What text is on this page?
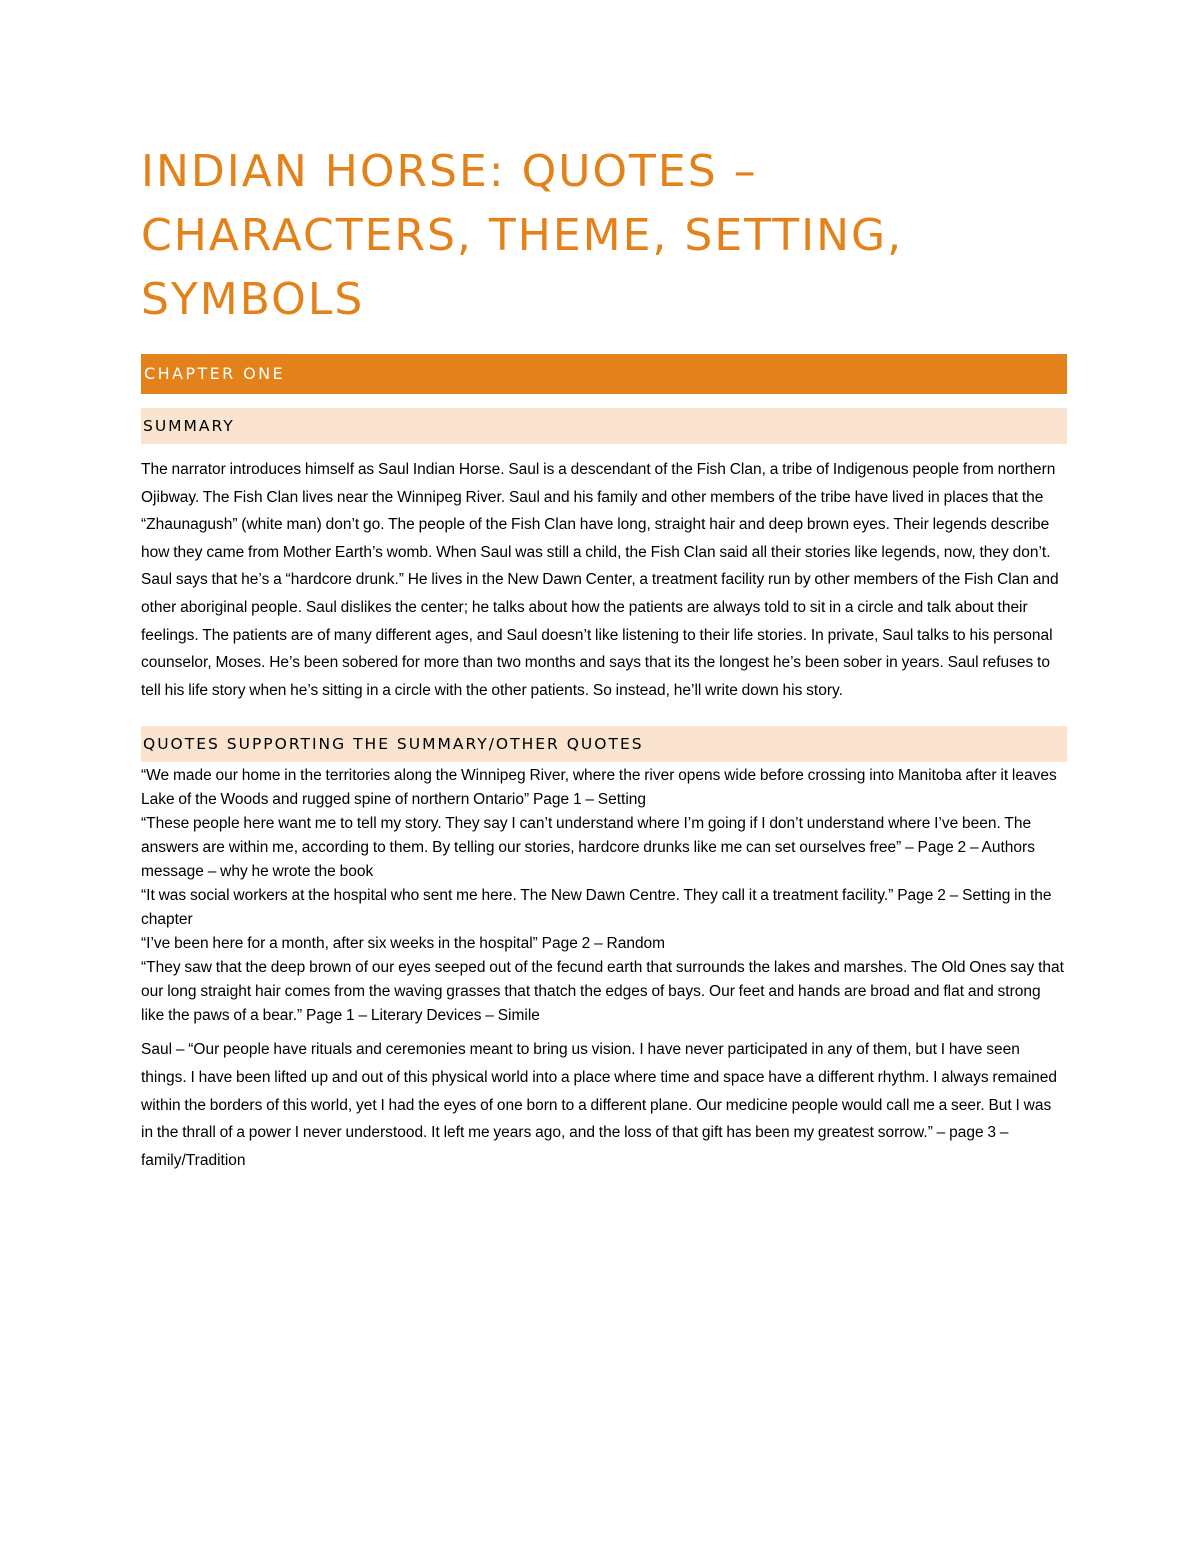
INDIAN HORSE: QUOTES – CHARACTERS, THEME, SETTING, SYMBOLS
CHAPTER ONE
SUMMARY

The narrator introduces himself as Saul Indian Horse. Saul is a descendant of the Fish Clan, a tribe of Indigenous people from northern Ojibway. The Fish Clan lives near the Winnipeg River. Saul and his family and other members of the tribe have lived in places that the “Zhaunagush” (white man) don’t go. The people of the Fish Clan have long, straight hair and deep brown eyes. Their legends describe how they came from Mother Earth’s womb. When Saul was still a child, the Fish Clan said all their stories like legends, now, they don’t. Saul says that he’s a “hardcore drunk.” He lives in the New Dawn Center, a treatment facility run by other members of the Fish Clan and other aboriginal people. Saul dislikes the center; he talks about how the patients are always told to sit in a circle and talk about their feelings. The patients are of many different ages, and Saul doesn’t like listening to their life stories. In private, Saul talks to his personal counselor, Moses. He’s been sobered for more than two months and says that its the longest he’s been sober in years. Saul refuses to tell his life story when he’s sitting in a circle with the other patients. So instead, he’ll write down his story.

QUOTES SUPPORTING THE SUMMARY/OTHER QUOTES
“We made our home in the territories along the Winnipeg River, where the river opens wide before crossing into Manitoba after it leaves Lake of the Woods and rugged spine of northern Ontario” Page 1 – Setting
“These people here want me to tell my story. They say I can’t understand where I’m going if I don’t understand where I’ve been. The answers are within me, according to them. By telling our stories, hardcore drunks like me can set ourselves free” – Page 2 – Authors message – why he wrote the book
“It was social workers at the hospital who sent me here. The New Dawn Centre. They call it a treatment facility.” Page 2 – Setting in the chapter
“I’ve been here for a month, after six weeks in the hospital” Page 2 – Random
“They saw that the deep brown of our eyes seeped out of the fecund earth that surrounds the lakes and marshes. The Old Ones say that our long straight hair comes from the waving grasses that thatch the edges of bays. Our feet and hands are broad and flat and strong like the paws of a bear.” Page 1 – Literary Devices – Simile

Saul – “Our people have rituals and ceremonies meant to bring us vision. I have never participated in any of them, but I have seen things. I have been lifted up and out of this physical world into a place where time and space have a different rhythm. I always remained within the borders of this world, yet I had the eyes of one born to a different plane. Our medicine people would call me a seer. But I was in the thrall of a power I never understood. It left me years ago, and the loss of that gift has been my greatest sorrow.” – page 3 – family/Tradition
